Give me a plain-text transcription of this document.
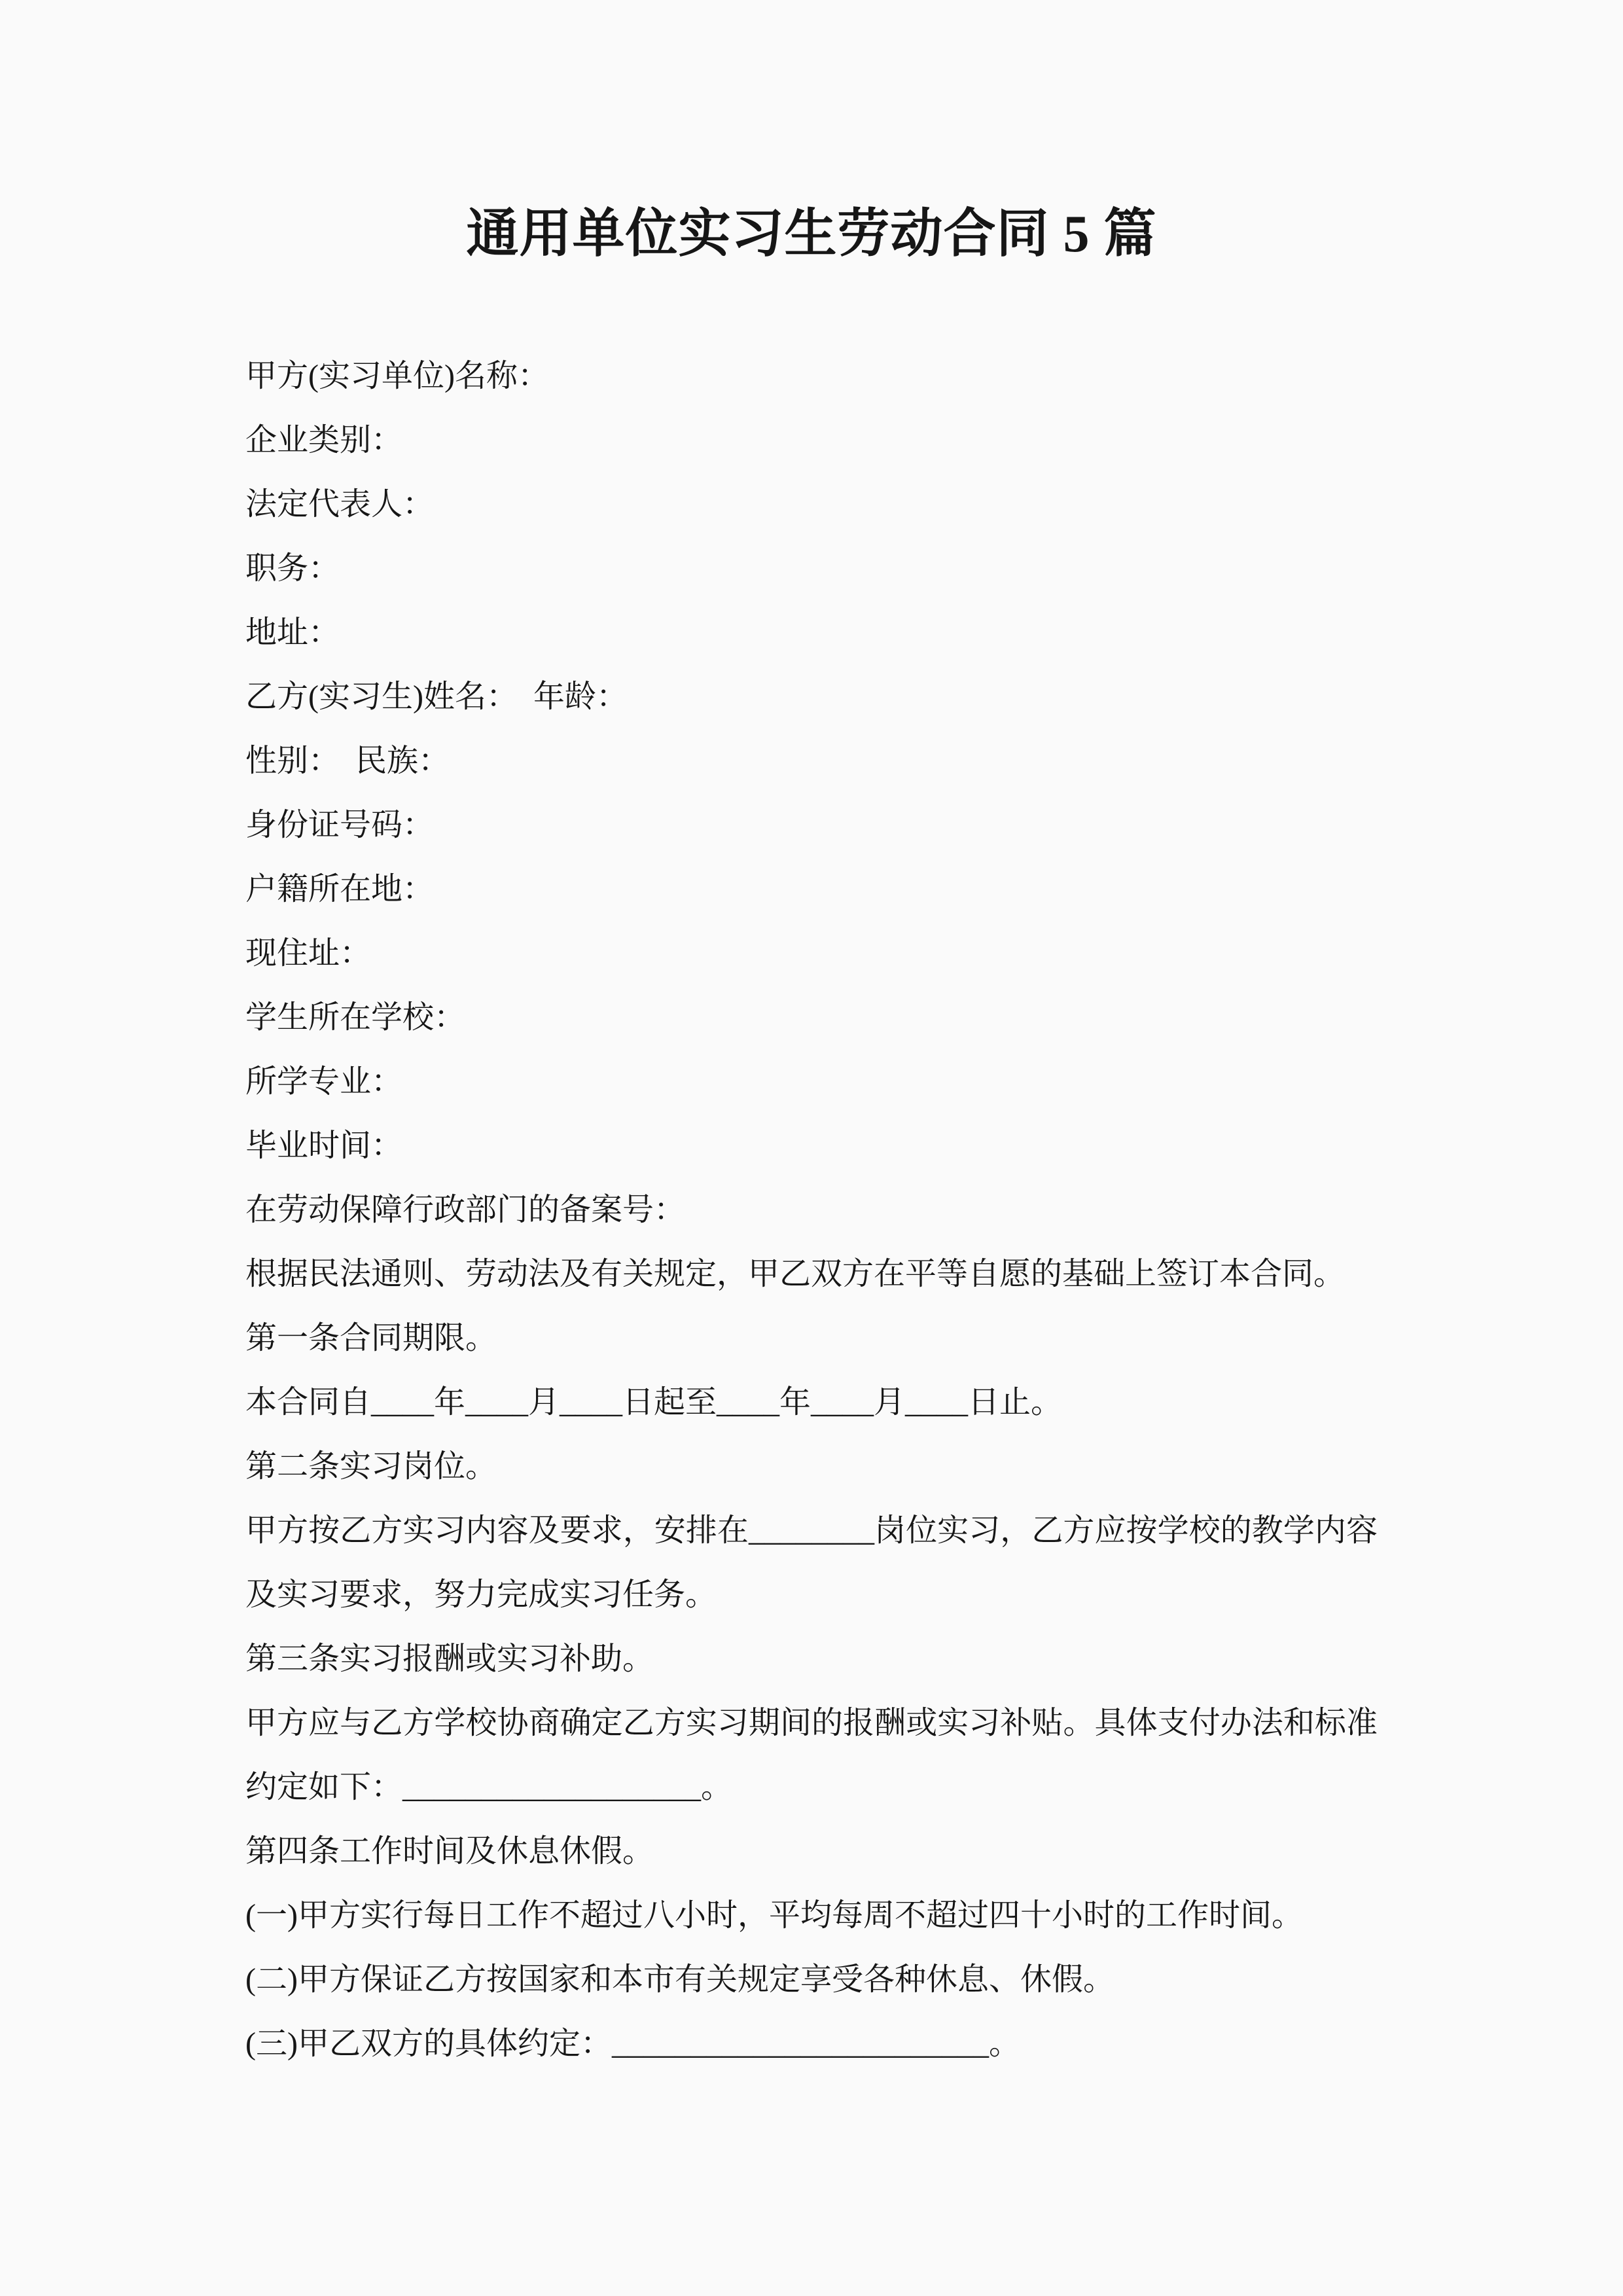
通用单位实习生劳动合同 5 篇

甲方(实习单位)名称：

企业类别：

法定代表人：

职务：

地址：

乙方(实习生)姓名：  年龄：

性别：  民族：

身份证号码：

户籍所在地：

现住址：

学生所在学校：

所学专业：

毕业时间：

在劳动保障行政部门的备案号：

根据民法通则、劳动法及有关规定，甲乙双方在平等自愿的基础上签订本合同。

第一条合同期限。

本合同自____年____月____日起至____年____月____日止。

第二条实习岗位。

甲方按乙方实习内容及要求，安排在________岗位实习，乙方应按学校的教学内容及实习要求，努力完成实习任务。

第三条实习报酬或实习补助。

甲方应与乙方学校协商确定乙方实习期间的报酬或实习补贴。具体支付办法和标准约定如下：___________________。

第四条工作时间及休息休假。

(一)甲方实行每日工作不超过八小时，平均每周不超过四十小时的工作时间。

(二)甲方保证乙方按国家和本市有关规定享受各种休息、休假。

(三)甲乙双方的具体约定：________________________。
